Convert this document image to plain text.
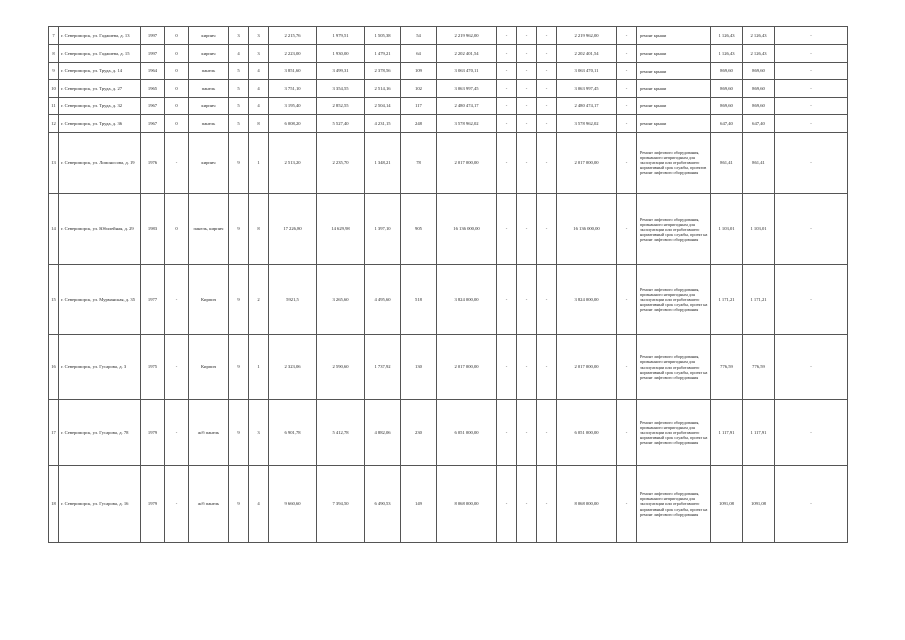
7	г. Североморск, ул. Гаджиева, д. 13	1997	0	кирпич	3	3	2 215,76	1 979,51	1 505,38	54	2 219 962,00	-	-	-	2 219 962,00	-	ремонт крыши	1 126,43	2 126,43	-
8	г. Североморск, ул. Гаджиева, д. 15	1997	0	кирпич	4	3	2 223,00	1 930,00	1 479,21	64	2 202 401,54	-	-	-	2 202 401,54	-	ремонт крыши	1 126,43	2 126,43	-
9	г. Североморск, ул. Труда, д. 14	1964	0	панель	5	4	3 851,60	3 499,31	2 378,56	109	3 063 470,11	-	-	-	3 063 470,11	-	ремонт крыши	869,60	869,60	-
10	г. Североморск, ул. Труда, д. 27	1965	0	панель	5	4	3 751,10	3 354,55	2 514,16	102	3 063 997,45	-	-	-	3 063 997,45	-	ремонт крыши	869,60	869,60	-
11	г. Североморск, ул. Труда, д. 32	1967	0	кирпич	5	4	3 195,40	2 852,55	2 504,14	117	2 480 474,17	-	-	-	2 480 474,17	-	ремонт крыши	869,60	869,60	-
12	г. Североморск, ул. Труда, д. 36	1967	0	панель	5	8	6 008,20	5 527,40	4 231,15	248	3 578 962,02	-	-	-	3 578 962,02	-	ремонт крыши	647,40	647,40	-
13	г. Североморск, ул. Ломоносова, д. 19	1976	-	кирпич	9	1	2 513,20	2 235,70	1 348,21	78	2 017 000,00	-	-	-	2 017 000,00	-	Ремонт лифтового оборудования, признанного непригодным для эксплуатации или отработавшего нормативный срок службы, проектов ремонт лифтового оборудования	861,41	861,41	-
14	г. Североморск, ул. Юбилейная, д. 29	1983	0	панель, кирпич	9	8	17 226,80	14 629,98	1 397,10	905	16 136 000,00	-	-	-	16 136 000,00	-	Ремонт лифтового оборудования, признанного непригодным для эксплуатации или отработавшего нормативный срок службы, проект на ремонт лифтового оборудования	1 103,01	1 103,01	-
15	г. Североморск, ул. Мурманская, д. 35	1977	-	Кирпич	9	2	5921,5	3 265,60	4 495,60	518	3 824 000,00	-	-	-	3 824 000,00	-	Ремонт лифтового оборудования, признанного непригодным для эксплуатации или отработавшего нормативный срок службы, проект на ремонт лифтового оборудования	1 171,21	1 171,21	-
16	г. Североморск, ул. Гусарова, д. 3	1975	-	Кирпич	9	1	2 323,06	2 590,60	1 737,92	130	2 017 000,00	-	-	-	2 017 000,00	-	Ремонт лифтового оборудования, признанного непригодным для эксплуатации или отработавшего нормативный срок службы, проект на ремонт лифтового оборудования	776,59	776,59	-
17	г. Североморск, ул. Гусарова, д. 78	1979	-	ж/б панель	9	3	6 901,78	5 412,78	4 882,06	230	6 051 000,00	-	-	-	6 051 000,00	-	Ремонт лифтового оборудования, признанного непригодным для эксплуатации или отработавшего нормативный срок службы, проект на ремонт лифтового оборудования	1 117,91	1 117,91	-
18	г. Североморск, ул. Гусарова, д. 16	1979	-	ж/б панель	9	4	9 660,60	7 394,50	6 490,53	149	8 068 000,00	-	-	-	8 068 000,00	-	Ремонт лифтового оборудования, признанного непригодным для эксплуатации или отработавшего нормативный срок службы, проект на ремонт лифтового оборудования	1091,08	1091,08	-
